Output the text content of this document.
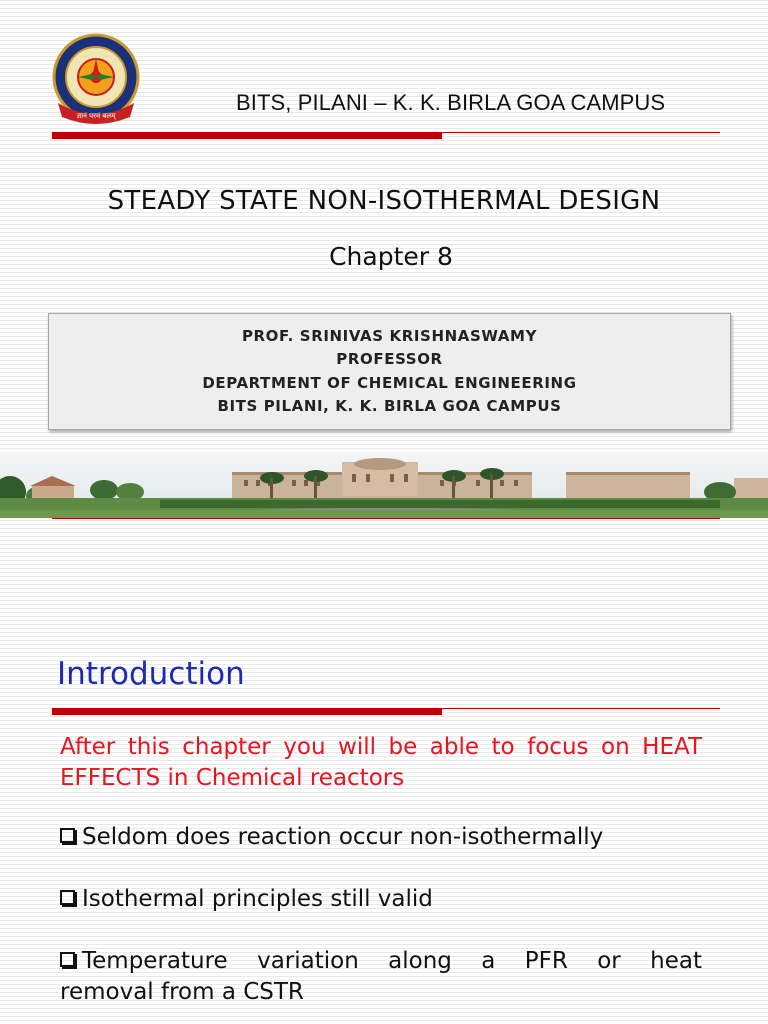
ज्ञानं परमं बलम्
BITS, PILANI – K. K. BIRLA GOA CAMPUS
STEADY STATE NON-ISOTHERMAL DESIGN
Chapter 8
PROF. SRINIVAS KRISHNASWAMY
PROFESSOR
DEPARTMENT OF CHEMICAL ENGINEERING
BITS PILANI, K. K. BIRLA GOA CAMPUS
Introduction
After this chapter you will be able to focus on HEAT EFFECTS in Chemical reactors
Seldom does reaction occur non-isothermally
Isothermal principles still valid
Temperature variation along a PFR or heat
removal from a CSTR
